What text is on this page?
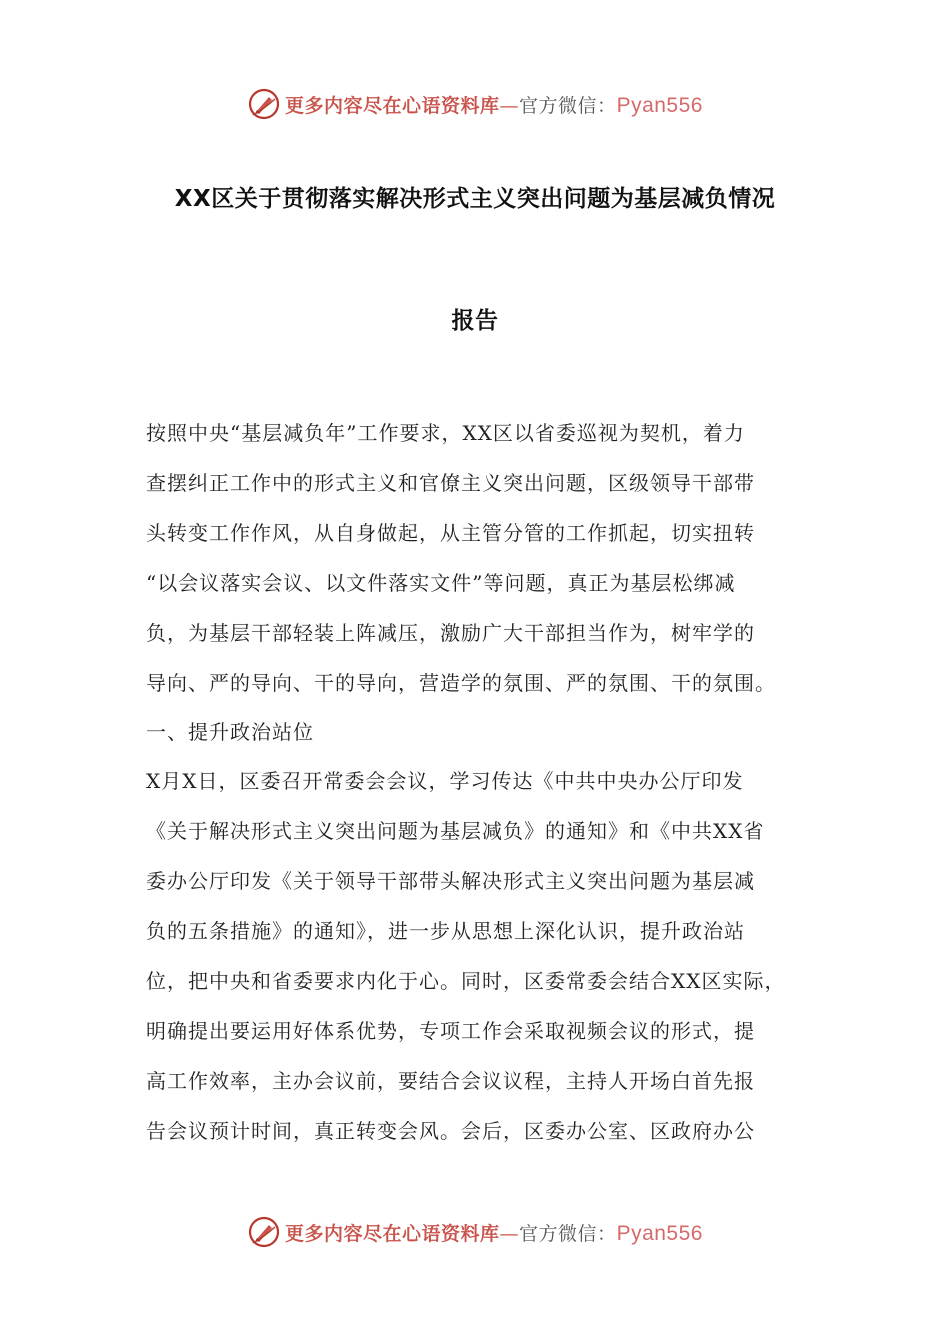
更多内容尽在心语资料库—官方微信：Pyan556
XX区关于贯彻落实解决形式主义突出问题为基层减负情况
报告
按照中央“基层减负年”工作要求，XX区以省委巡视为契机，着力
查摆纠正工作中的形式主义和官僚主义突出问题，区级领导干部带
头转变工作作风，从自身做起，从主管分管的工作抓起，切实扭转
“以会议落实会议、以文件落实文件”等问题，真正为基层松绑减
负，为基层干部轻装上阵减压，激励广大干部担当作为，树牢学的
导向、严的导向、干的导向，营造学的氛围、严的氛围、干的氛围。
一、提升政治站位
X月X日，区委召开常委会会议，学习传达《中共中央办公厅印发
《关于解决形式主义突出问题为基层减负》的通知》和《中共XX省
委办公厅印发《关于领导干部带头解决形式主义突出问题为基层减
负的五条措施》的通知》，进一步从思想上深化认识，提升政治站
位，把中央和省委要求内化于心。同时，区委常委会结合XX区实际，
明确提出要运用好体系优势，专项工作会采取视频会议的形式，提
高工作效率，主办会议前，要结合会议议程，主持人开场白首先报
告会议预计时间，真正转变会风。会后，区委办公室、区政府办公
更多内容尽在心语资料库—官方微信：Pyan556
